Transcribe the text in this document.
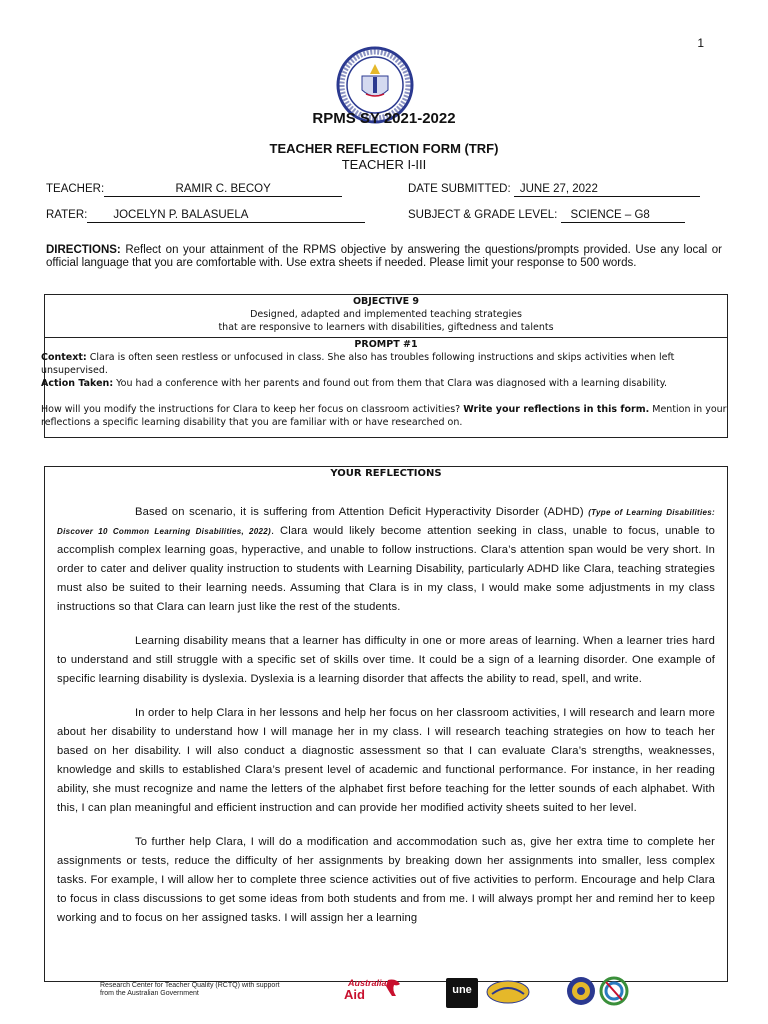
1
RPMS SY 2021-2022
TEACHER REFLECTION FORM (TRF)
TEACHER I-III
TEACHER:	RAMIR C. BECOY	DATE SUBMITTED: JUNE 27, 2022
RATER: JOCELYN P. BALASUELA	SUBJECT & GRADE LEVEL: SCIENCE – G8
DIRECTIONS: Reflect on your attainment of the RPMS objective by answering the questions/prompts provided. Use any local or official language that you are comfortable with. Use extra sheets if needed. Please limit your response to 500 words.
OBJECTIVE 9
Designed, adapted and implemented teaching strategies
that are responsive to learners with disabilities, giftedness and talents
PROMPT #1
Context: Clara is often seen restless or unfocused in class. She also has troubles following instructions and skips activities when left unsupervised.
Action Taken: You had a conference with her parents and found out from them that Clara was diagnosed with a learning disability.
How will you modify the instructions for Clara to keep her focus on classroom activities? Write your reflections in this form. Mention in your reflections a specific learning disability that you are familiar with or have researched on.
YOUR REFLECTIONS

Based on scenario, it is suffering from Attention Deficit Hyperactivity Disorder (ADHD) (Type of Learning Disabilities: Discover 10 Common Learning Disabilities, 2022). Clara would likely become attention seeking in class, unable to focus, unable to accomplish complex learning goas, hyperactive, and unable to follow instructions. Clara’s attention span would be very short. In order to cater and deliver quality instruction to students with Learning Disability, particularly ADHD like Clara, teaching strategies must also be suited to their learning needs. Assuming that Clara is in my class, I would make some adjustments in my class instructions so that Clara can learn just like the rest of the students.

Learning disability means that a learner has difficulty in one or more areas of learning. When a learner tries hard to understand and still struggle with a specific set of skills over time. It could be a sign of a learning disorder. One example of specific learning disability is dyslexia. Dyslexia is a learning disorder that affects the ability to read, spell, and write.

In order to help Clara in her lessons and help her focus on her classroom activities, I will research and learn more about her disability to understand how I will manage her in my class. I will research teaching strategies on how to teach her based on her disability. I will also conduct a diagnostic assessment so that I can evaluate Clara’s strengths, weaknesses, knowledge and skills to established Clara’s present level of academic and functional performance. For instance, in her reading ability, she must recognize and name the letters of the alphabet first before teaching for the letter sounds of each alphabet. With this, I can plan meaningful and efficient instruction and can provide her modified activity sheets suited to her level.

To further help Clara, I will do a modification and accommodation such as, give her extra time to complete her assignments or tests, reduce the difficulty of her assignments by breaking down her assignments into smaller, less complex tasks. For example, I will allow her to complete three science activities out of five activities to perform. Encourage and help Clara to focus in class discussions to get some ideas from both students and from me. I will always prompt her and remind her to keep working and to focus on her assigned tasks. I will assign her a learning

Research Center for Teacher Quality (RCTQ) with support
from the Australian Government
Australian
Aid	une
